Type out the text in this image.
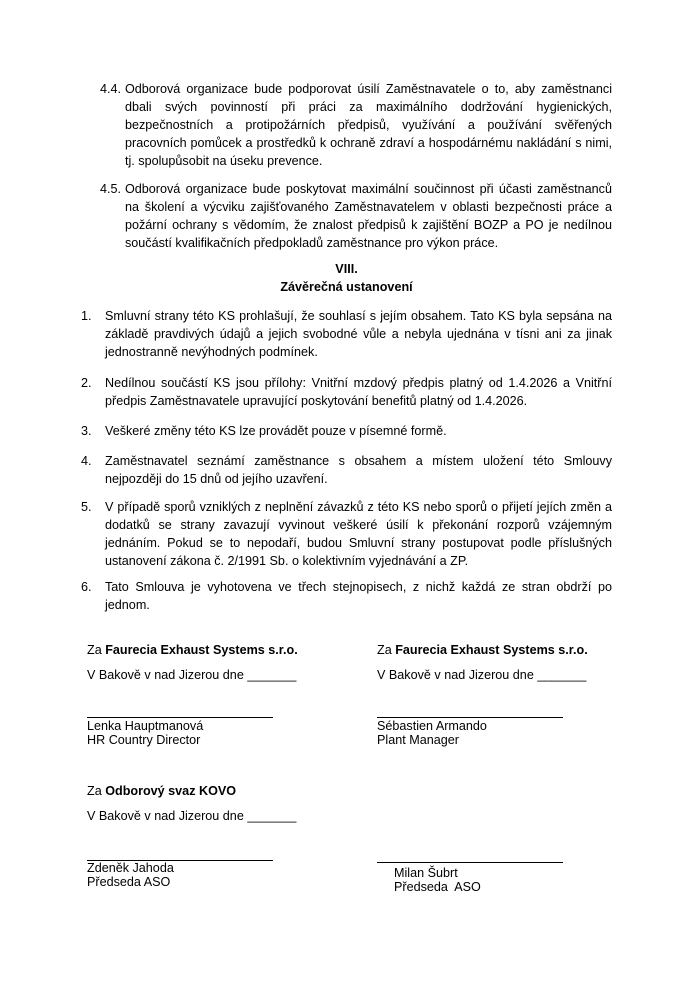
4.4. Odborová organizace bude podporovat úsilí Zaměstnavatele o to, aby zaměstnanci dbali svých povinností při práci za maximálního dodržování hygienických, bezpečnostních a protipožárních předpisů, využívání a používání svěřených pracovních pomůcek a prostředků k ochraně zdraví a hospodárnému nakládání s nimi, tj. spolupůsobit na úseku prevence.
4.5. Odborová organizace bude poskytovat maximální součinnost při účasti zaměstnanců na školení a výcviku zajišťovaného Zaměstnavatelem v oblasti bezpečnosti práce a požární ochrany s vědomím, že znalost předpisů k zajištění BOZP a PO je nedílnou součástí kvalifikačních předpokladů zaměstnance pro výkon práce.
VIII.
Závěrečná ustanovení
1. Smluvní strany této KS prohlašují, že souhlasí s jejím obsahem. Tato KS byla sepsána na základě pravdivých údajů a jejich svobodné vůle a nebyla ujednána v tísni ani za jinak jednostranně nevýhodných podmínek.
2. Nedílnou součástí KS jsou přílohy: Vnitřní mzdový předpis platný od 1.4.2026 a Vnitřní předpis Zaměstnavatele upravující poskytování benefitů platný od 1.4.2026.
3. Veškeré změny této KS lze provádět pouze v písemné formě.
4. Zaměstnavatel seznámí zaměstnance s obsahem a místem uložení této Smlouvy nejpozději do 15 dnů od jejího uzavření.
5. V případě sporů vzniklých z neplnění závazků z této KS nebo sporů o přijetí jejích změn a dodatků se strany zavazují vyvinout veškeré úsilí k překonání rozporů vzájemným jednáním. Pokud se to nepodaří, budou Smluvní strany postupovat podle příslušných ustanovení zákona č. 2/1991 Sb. o kolektivním vyjednávání a ZP.
6. Tato Smlouva je vyhotovena ve třech stejnopisech, z nichž každá ze stran obdrží po jednom.
Za Faurecia Exhaust Systems s.r.o.
V Bakově v nad Jizerou dne _______
Lenka Hauptmanová
HR Country Director
Za Faurecia Exhaust Systems s.r.o.
V Bakově v nad Jizerou dne _______
Sébastien Armando
Plant Manager
Za Odborový svaz KOVO
V Bakově v nad Jizerou dne _______
Zdeněk Jahoda
Předseda ASO
Milan Šubrt
Předseda  ASO
